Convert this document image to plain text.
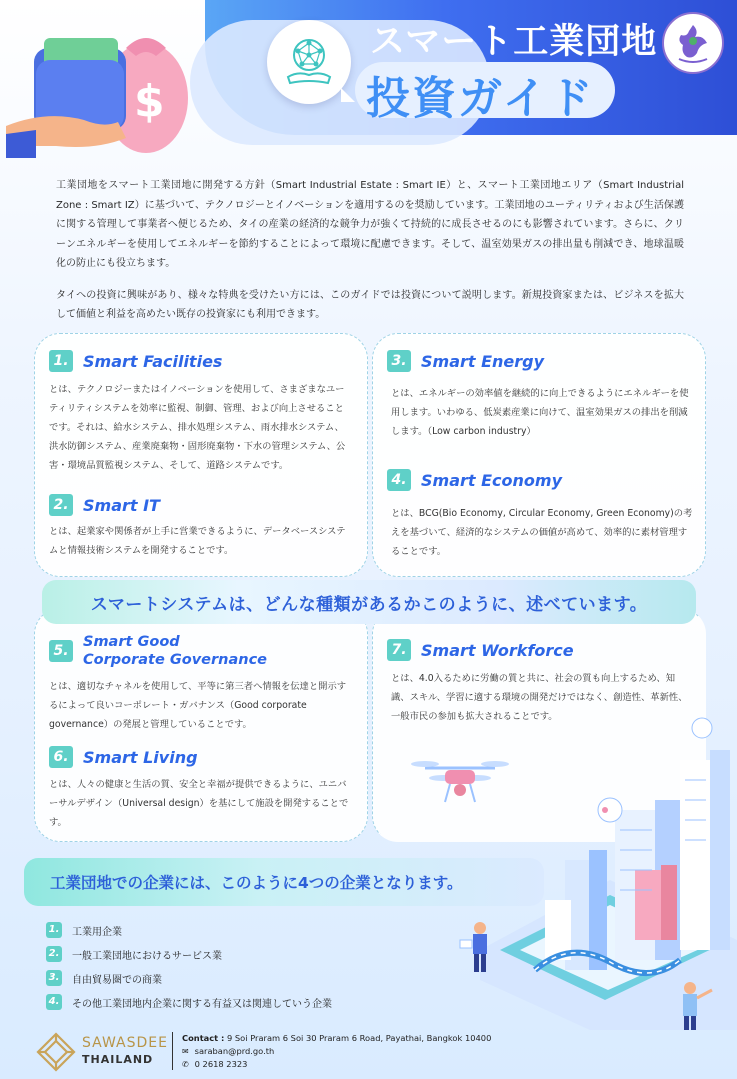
$
スマート工業団地
投資ガイド

工業団地をスマート工業団地に開発する方針（Smart Industrial Estate : Smart IE）と、スマート工業団地エリア（Smart Industrial Zone : Smart IZ）に基づいて、テクノロジーとイノベーションを適用するのを奨励しています。工業団地のユーティリティおよび生活保護に関する管理して事業者へ便じるため、タイの産業の経済的な競争力が強くて持続的に成長させるのにも影響されています。さらに、クリーンエネルギーを使用してエネルギーを節約することによって環境に配慮できます。そして、温室効果ガスの排出量も削減でき、地球温暖化の防止にも役立ちます。

タイへの投資に興味があり、様々な特典を受けたい方には、このガイドでは投資について説明します。新規投資家または、ビジネスを拡大して価値と利益を高めたい既存の投資家にも利用できます。

1. Smart Facilities
とは、テクノロジーまたはイノベーションを使用して、さまざまなユーティリティシステムを効率に監視、制御、管理、および向上させることです。それは、給水システム、排水処理システム、雨水排水システム、洪水防御システム、産業廃棄物・固形廃棄物・下水の管理システム、公害・環境品質監視システム、そして、道路システムです。
2. Smart IT
とは、起業家や関係者が上手に営業できるように、データベースシステムと情報技術システムを開発することです。
3. Smart Energy
とは、エネルギーの効率値を継続的に向上できるようにエネルギーを使用します。いわゆる、低炭素産業に向けて、温室効果ガスの排出を削減します。（Low carbon industry）
4. Smart Economy
とは、BCG(Bio Economy, Circular Economy, Green Economy)の考えを基づいて、経済的なシステムの価値が高めて、効率的に素材管理することです。
5.
Smart Good
Corporate Governance
とは、適切なチャネルを使用して、平等に第三者へ情報を伝達と開示するによって良いコーポレート・ガバナンス（Good corporate governance）の発展と管理していることです。
6. Smart Living
とは、人々の健康と生活の質、安全と幸福が提供できるように、ユニバーサルデザイン（Universal design）を基にして施設を開発することです。
7. Smart Workforce
とは、4.0入るために労働の質と共に、社会の質も向上するため、知識、スキル、学習に適する環境の開発だけではなく、創造性、革新性、一般市民の参加も拡大されることです。
スマートシステムは、どんな種類があるかこのように、述べています。
工業団地での企業には、このように4つの企業となります。
1. 工業用企業
2. 一般工業団地におけるサービス業
3. 自由貿易圏での商業
4. その他工業団地内企業に関する有益又は関連していう企業
SAWASDEE
THAILAND
Contact : 9 Soi Praram 6 Soi 30 Praram 6 Road, Payathai, Bangkok 10400
✉ saraban@prd.go.th
✆ 0 2618 2323
